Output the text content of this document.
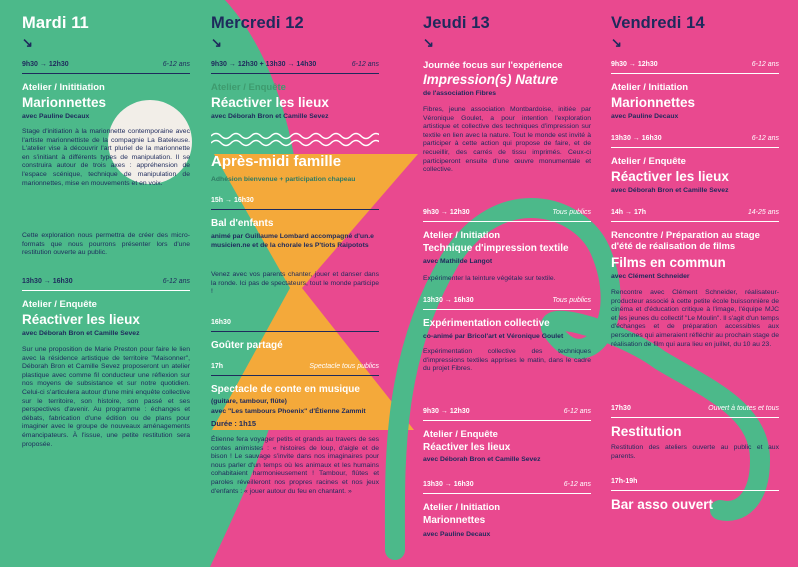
Mardi 11
↘
9h30 → 12h30	6-12 ans
Atelier / Inititiation
Marionnettes
avec Pauline Decaux
Stage d'initiation à la marionnette contemporaine avec l'artiste marionnettiste de la compagnie La Bateleuse. L'atelier vise à découvrir l'art pluriel de la marionnette en s'initiant à différents types de manipulation. Il se construira autour de trois axes : appréhension de l'espace scénique, technique de manipulation de marionnettes, mise en mouvements et en voix.
Cette exploration nous permettra de créer des micro-formats que nous pourrons présenter lors d'une restitution ouverte au public.
13h30 → 16h30	6-12 ans
Atelier / Enquête
Réactiver les lieux
avec Déborah Bron et Camille Sevez
Sur une proposition de Marie Preston pour faire le lien avec la résidence artistique de territoire "Maisonner", Déborah Bron et Camille Sevez proposeront un atelier plastique avec comme fil conducteur une réflexion sur nos moyens de subsistance et sur notre quotidien. Celui-ci s'articulera autour d'une mini enquête collective sur le territoire, son histoire, son passé et ses perspectives d'avenir. Au programme : échanges et débats, fabrication d'une édition ou de plans pour imaginer avec le groupe de nouveaux aménagements émancipateurs. À l'issue, une petite restitution sera proposée.
Mercredi 12
↘
9h30 → 12h30 + 13h30 → 14h30	6-12 ans
Atelier / Enquête
Réactiver les lieux
avec Déborah Bron et Camille Sevez
Après-midi famille
Adhésion bienvenue + participation chapeau
15h → 16h30
Bal d'enfants
animé par Guillaume Lombard accompagné d'un.e musicien.ne et de la chorale les P'tiots Raipotots
Venez avec vos parents chanter, jouer et danser dans la ronde. Ici pas de spectateurs, tout le monde participe !
16h30
Goûter partagé
17h	Spectacle tous publics
Spectacle de conte en musique
(guitare, tambour, flûte)
avec "Les tambours Phoenix" d'Étienne Zammit
Durée : 1h15
Étienne fera voyager petits et grands au travers de ses contes animistes : « histoires de loup, d'aigle et de bison ! Le sauvage s'invite dans nos imaginaires pour nous parler d'un temps où les animaux et les humains cohabitaient harmonieusement ! Tambour, flûtes et paroles réveilleront nos propres racines et nos jeux d'enfants : « jouer autour du feu en chantant. »
Jeudi 13
↘
Journée focus sur l'expérience
Impression(s) Nature
de l'association Fibres
Fibres, jeune association Montbardoise, initiée par Véronique Goulet, a pour intention l'exploration artistique et collective des techniques d'impression sur textile en lien avec la nature. Tout le monde est invité à participer à cette action qui propose de faire, et de recueillir, des carrés de tissu imprimés. Ceux-ci participeront ensuite d'une œuvre monumentale et collective.
9h30 → 12h30	Tous publics
Atelier / Initiation
Technique d'impression textile
avec Mathilde Langot
Expérimenter la teinture végétale sur textile.
13h30 → 16h30	Tous publics
Expérimentation collective
co-animé par Bricol'art et Véronique Goulet
Expérimentation collective des techniques d'impressions textiles apprises le matin, dans le cadre du projet Fibres.
9h30 → 12h30	6-12 ans
Atelier / Enquête
Réactiver les lieux
avec Déborah Bron et Camille Sevez
13h30 → 16h30	6-12 ans
Atelier / Initiation
Marionnettes
avec Pauline Decaux
Vendredi 14
↘
9h30 → 12h30	6-12 ans
Atelier / Initiation
Marionnettes
avec Pauline Decaux
13h30 → 16h30	6-12 ans
Atelier / Enquête
Réactiver les lieux
avec Déborah Bron et Camille Sevez
14h → 17h	14-25 ans
Rencontre / Préparation au stage d'été de réalisation de films
Films en commun
avec Clément Schneider
Rencontre avec Clément Schneider, réalisateur-producteur associé à cette petite école buissonnière de cinéma et d'éducation critique à l'image, l'équipe MJC et les jeunes du collectif "Le Moulin". Il s'agit d'un temps d'échanges et de préparation accessibles aux personnes qui aimeraient réfléchir au prochain stage de réalisation de film qui aura lieu en juillet, du 10 au 23.
17h30	Ouvert à toutes et tous
Restitution
Restitution des ateliers ouverte au public et aux parents.
17h-19h
Bar asso ouvert
